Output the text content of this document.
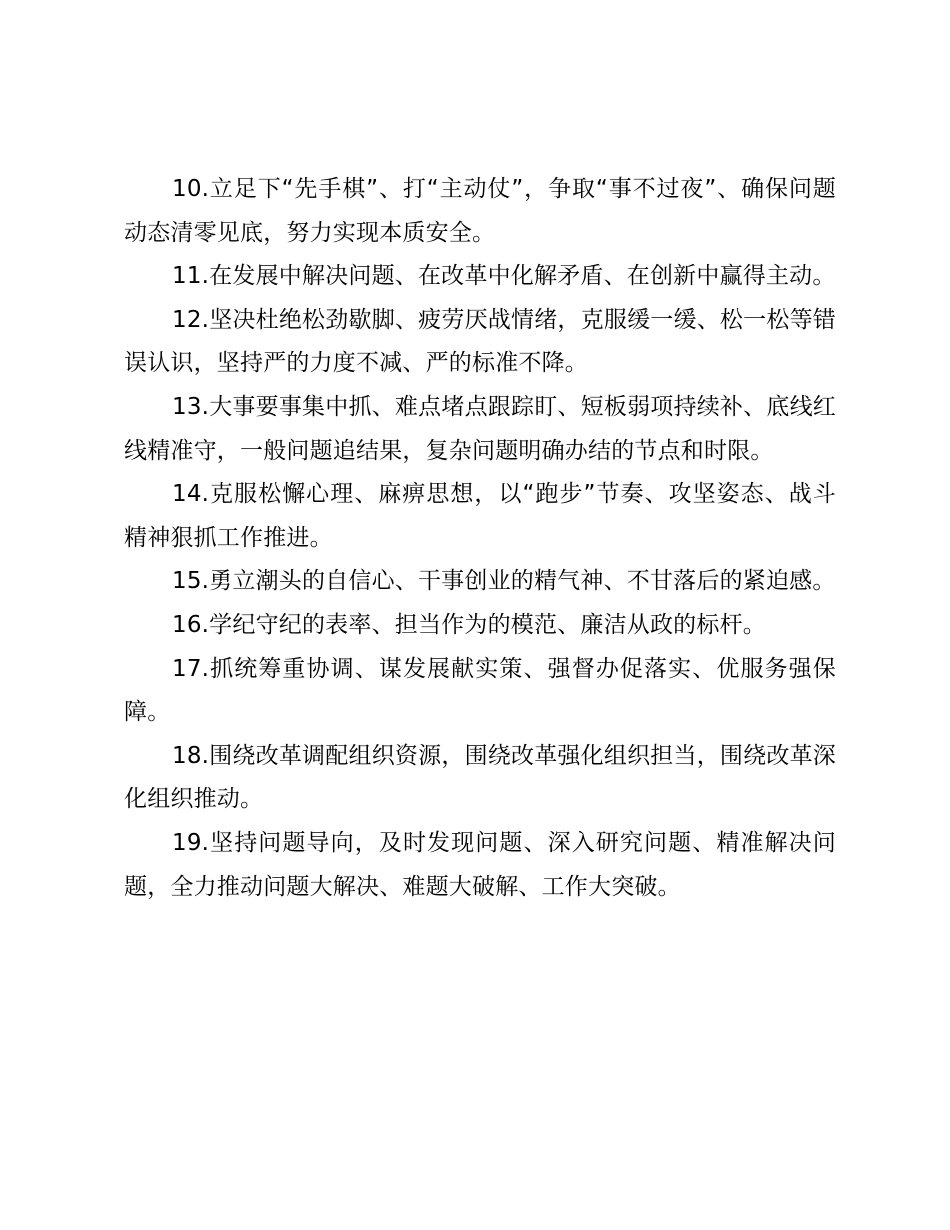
10.立足下“先手棋”、打“主动仗”，争取“事不过夜”、确保问题动态清零见底，努力实现本质安全。

11.在发展中解决问题、在改革中化解矛盾、在创新中赢得主动。

12.坚决杜绝松劲歇脚、疲劳厌战情绪，克服缓一缓、松一松等错误认识，坚持严的力度不减、严的标准不降。

13.大事要事集中抓、难点堵点跟踪盯、短板弱项持续补、底线红线精准守，一般问题追结果，复杂问题明确办结的节点和时限。

14.克服松懈心理、麻痹思想，以“跑步”节奏、攻坚姿态、战斗精神狠抓工作推进。

15.勇立潮头的自信心、干事创业的精气神、不甘落后的紧迫感。

16.学纪守纪的表率、担当作为的模范、廉洁从政的标杆。

17.抓统筹重协调、谋发展献实策、强督办促落实、优服务强保障。

18.围绕改革调配组织资源，围绕改革强化组织担当，围绕改革深化组织推动。

19.坚持问题导向，及时发现问题、深入研究问题、精准解决问题，全力推动问题大解决、难题大破解、工作大突破。
